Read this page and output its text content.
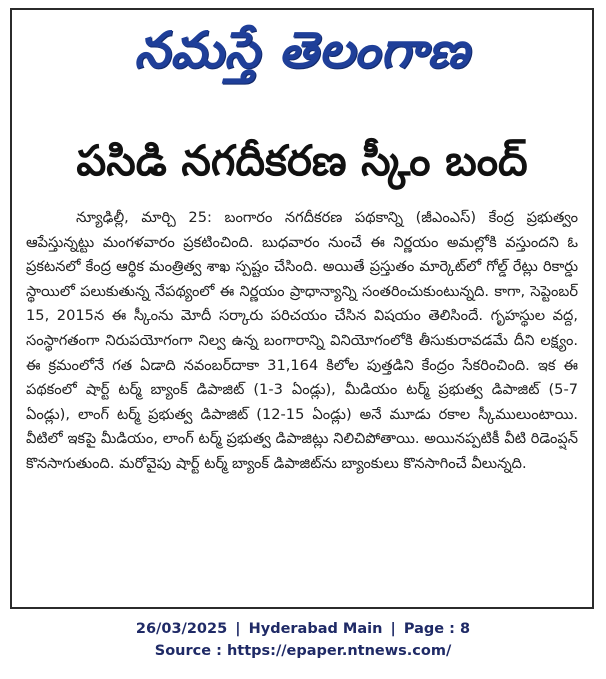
నమస్తే తెలంగాణ
పసిడి నగదీకరణ స్కీం బంద్
న్యూఢిల్లీ, మార్చి 25: బంగారం నగదీకరణ పథకాన్ని (జీఎంఎస్) కేంద్ర ప్రభుత్వం ఆపేస్తున్నట్టు మంగళవారం ప్రకటించింది. బుధవారం నుంచే ఈ నిర్ణయం అమల్లోకి వస్తుందని ఓ ప్రకటనలో కేంద్ర ఆర్థిక మంత్రిత్వ శాఖ స్పష్టం చేసింది. అయితే ప్రస్తుతం మార్కెట్‌లో గోల్డ్ రేట్లు రికార్డు స్థాయిలో పలుకుతున్న నేపథ్యంలో ఈ నిర్ణయం ప్రాధాన్యాన్ని సంతరించుకుంటున్నది. కాగా, సెప్టెంబర్ 15, 2015న ఈ స్కీంను మోదీ సర్కారు పరిచయం చేసిన విషయం తెలిసిందే. గృహస్థుల వద్ద, సంస్థాగతంగా నిరుపయోగంగా నిల్వ ఉన్న బంగారాన్ని వినియోగంలోకి తీసుకురావడమే దీని లక్ష్యం. ఈ క్రమంలోనే గత ఏడాది నవంబర్‌దాకా 31,164 కిలోల పుత్తడిని కేంద్రం సేకరించింది. ఇక ఈ పథకంలో షార్ట్ టర్మ్ బ్యాంక్ డిపాజిట్ (1-3 ఏండ్లు), మీడియం టర్మ్ ప్రభుత్వ డిపాజిట్ (5-7 ఏండ్లు), లాంగ్ టర్మ్ ప్రభుత్వ డిపాజిట్ (12-15 ఏండ్లు) అనే మూడు రకాల స్కీములుంటాయి. వీటిలో ఇకపై మీడియం, లాంగ్ టర్మ్ ప్రభుత్వ డిపాజిట్లు నిలిచిపోతాయి. అయినప్పటికీ వీటి రిడెంప్షన్ కొనసాగుతుంది. మరోవైపు షార్ట్ టర్మ్ బ్యాంక్ డిపాజిట్‌ను బ్యాంకులు కొనసాగించే వీలున్నది.
26/03/2025 | Hyderabad Main | Page : 8
Source : https://epaper.ntnews.com/
